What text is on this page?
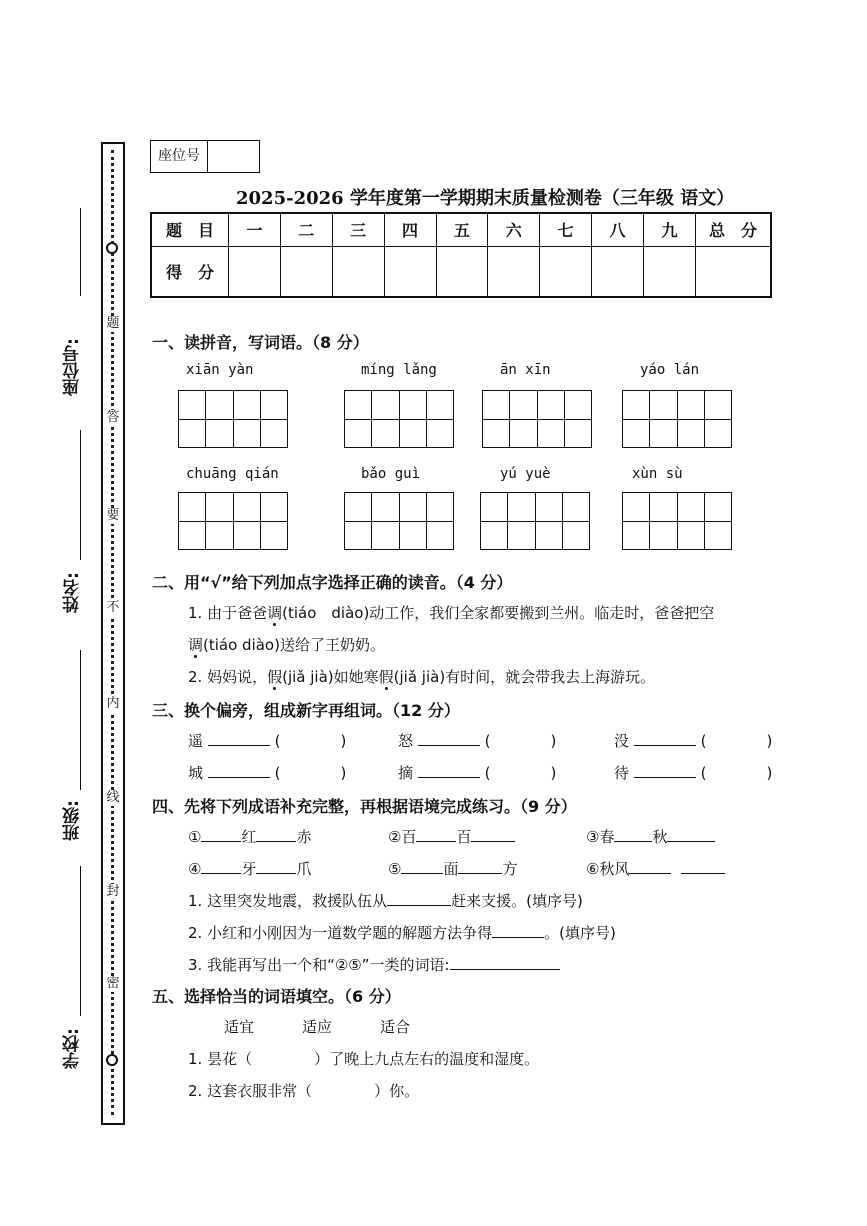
题
答
要
不
内
线
封
密
座位号:
姓名:
班级:
学校:
座位号
2025-2026 学年度第一学期期末质量检测卷（三年级 语文）
题　目	一	二	三	四	五	六	七	八	九	总　分
得　分										
一、读拼音，写词语。（8 分）
xiān yàn	míng lǎng	ān xīn	yáo lán
chuāng qián	bǎo guì	yú yuè	xùn sù
二、用“√”给下列加点字选择正确的读音。（4 分）
1. 由于爸爸调(tiáo　diào)动工作，我们全家都要搬到兰州。临走时，爸爸把空
调(tiáo diào)送给了王奶奶。
2. 妈妈说，假(jiǎ jià)如她寒假(jiǎ jià)有时间，就会带我去上海游玩。
三、换个偏旁，组成新字再组词。（12 分）
遥	(	)	怒	(	)	没	(	)
城	(	)	摘	(	)	待	(	)
四、先将下列成语补充完整，再根据语境完成练习。（9 分）
①	红	赤	②百	百	③春	秋
④	牙	爪	⑤	面	方	⑥秋风
1. 这里突发地震，救援队伍从	赶来支援。(填序号)
2. 小红和小刚因为一道数学题的解题方法争得	。(填序号)
3. 我能再写出一个和“②⑤”一类的词语:
五、选择恰当的词语填空。（6 分）
适宜	适应	适合
1. 昙花（	）了晚上九点左右的温度和湿度。
2. 这套衣服非常（	）你。
